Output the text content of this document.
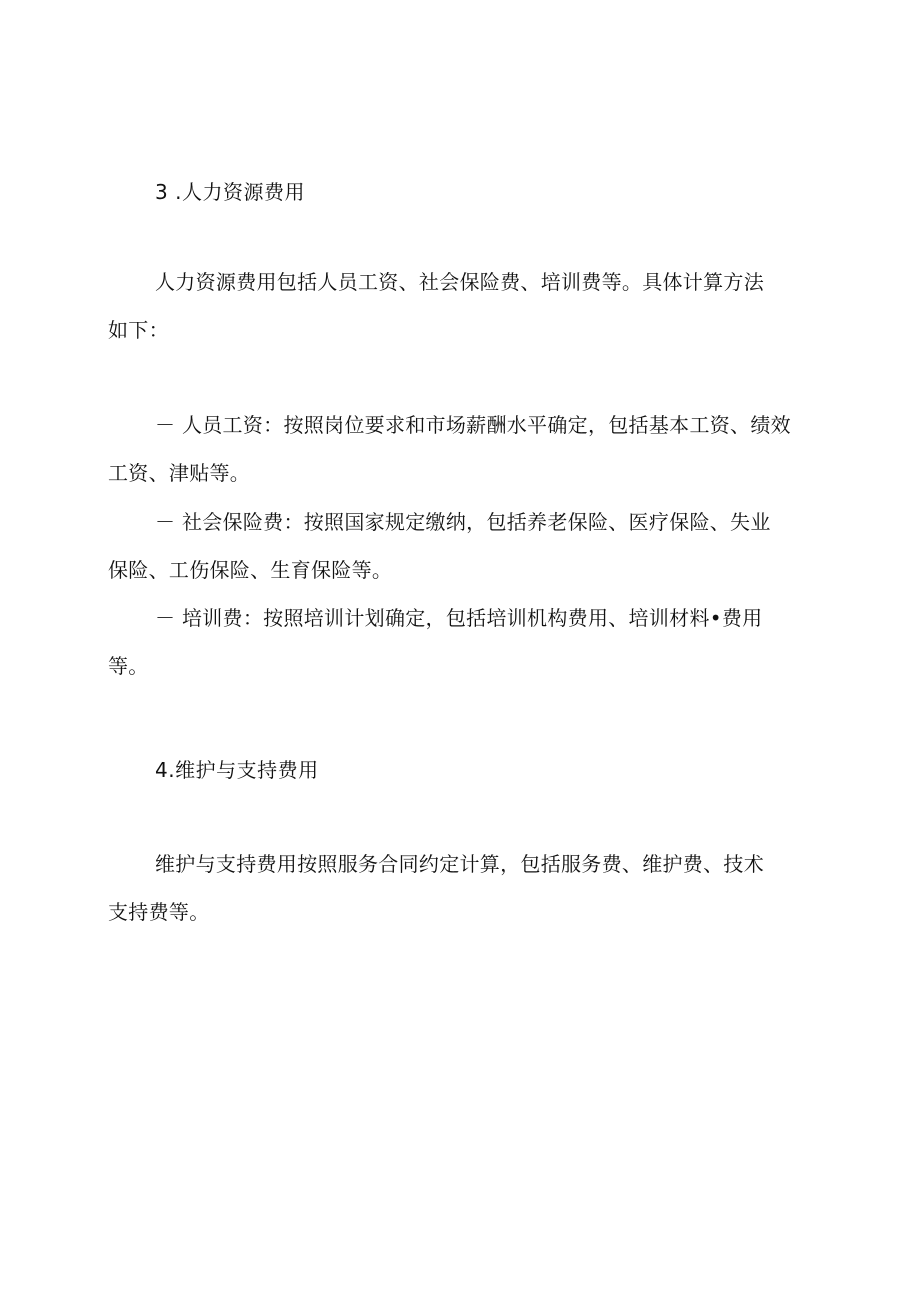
3 .人力资源费用
人力资源费用包括人员工资、社会保险费、培训费等。具体计算方法
如下：
－ 人员工资：按照岗位要求和市场薪酬水平确定，包括基本工资、绩效
工资、津贴等。
－ 社会保险费：按照国家规定缴纳，包括养老保险、医疗保险、失业
保险、工伤保险、生育保险等。
－ 培训费：按照培训计划确定，包括培训机构费用、培训材料•费用
等。
4.维护与支持费用
维护与支持费用按照服务合同约定计算，包括服务费、维护费、技术
支持费等。
